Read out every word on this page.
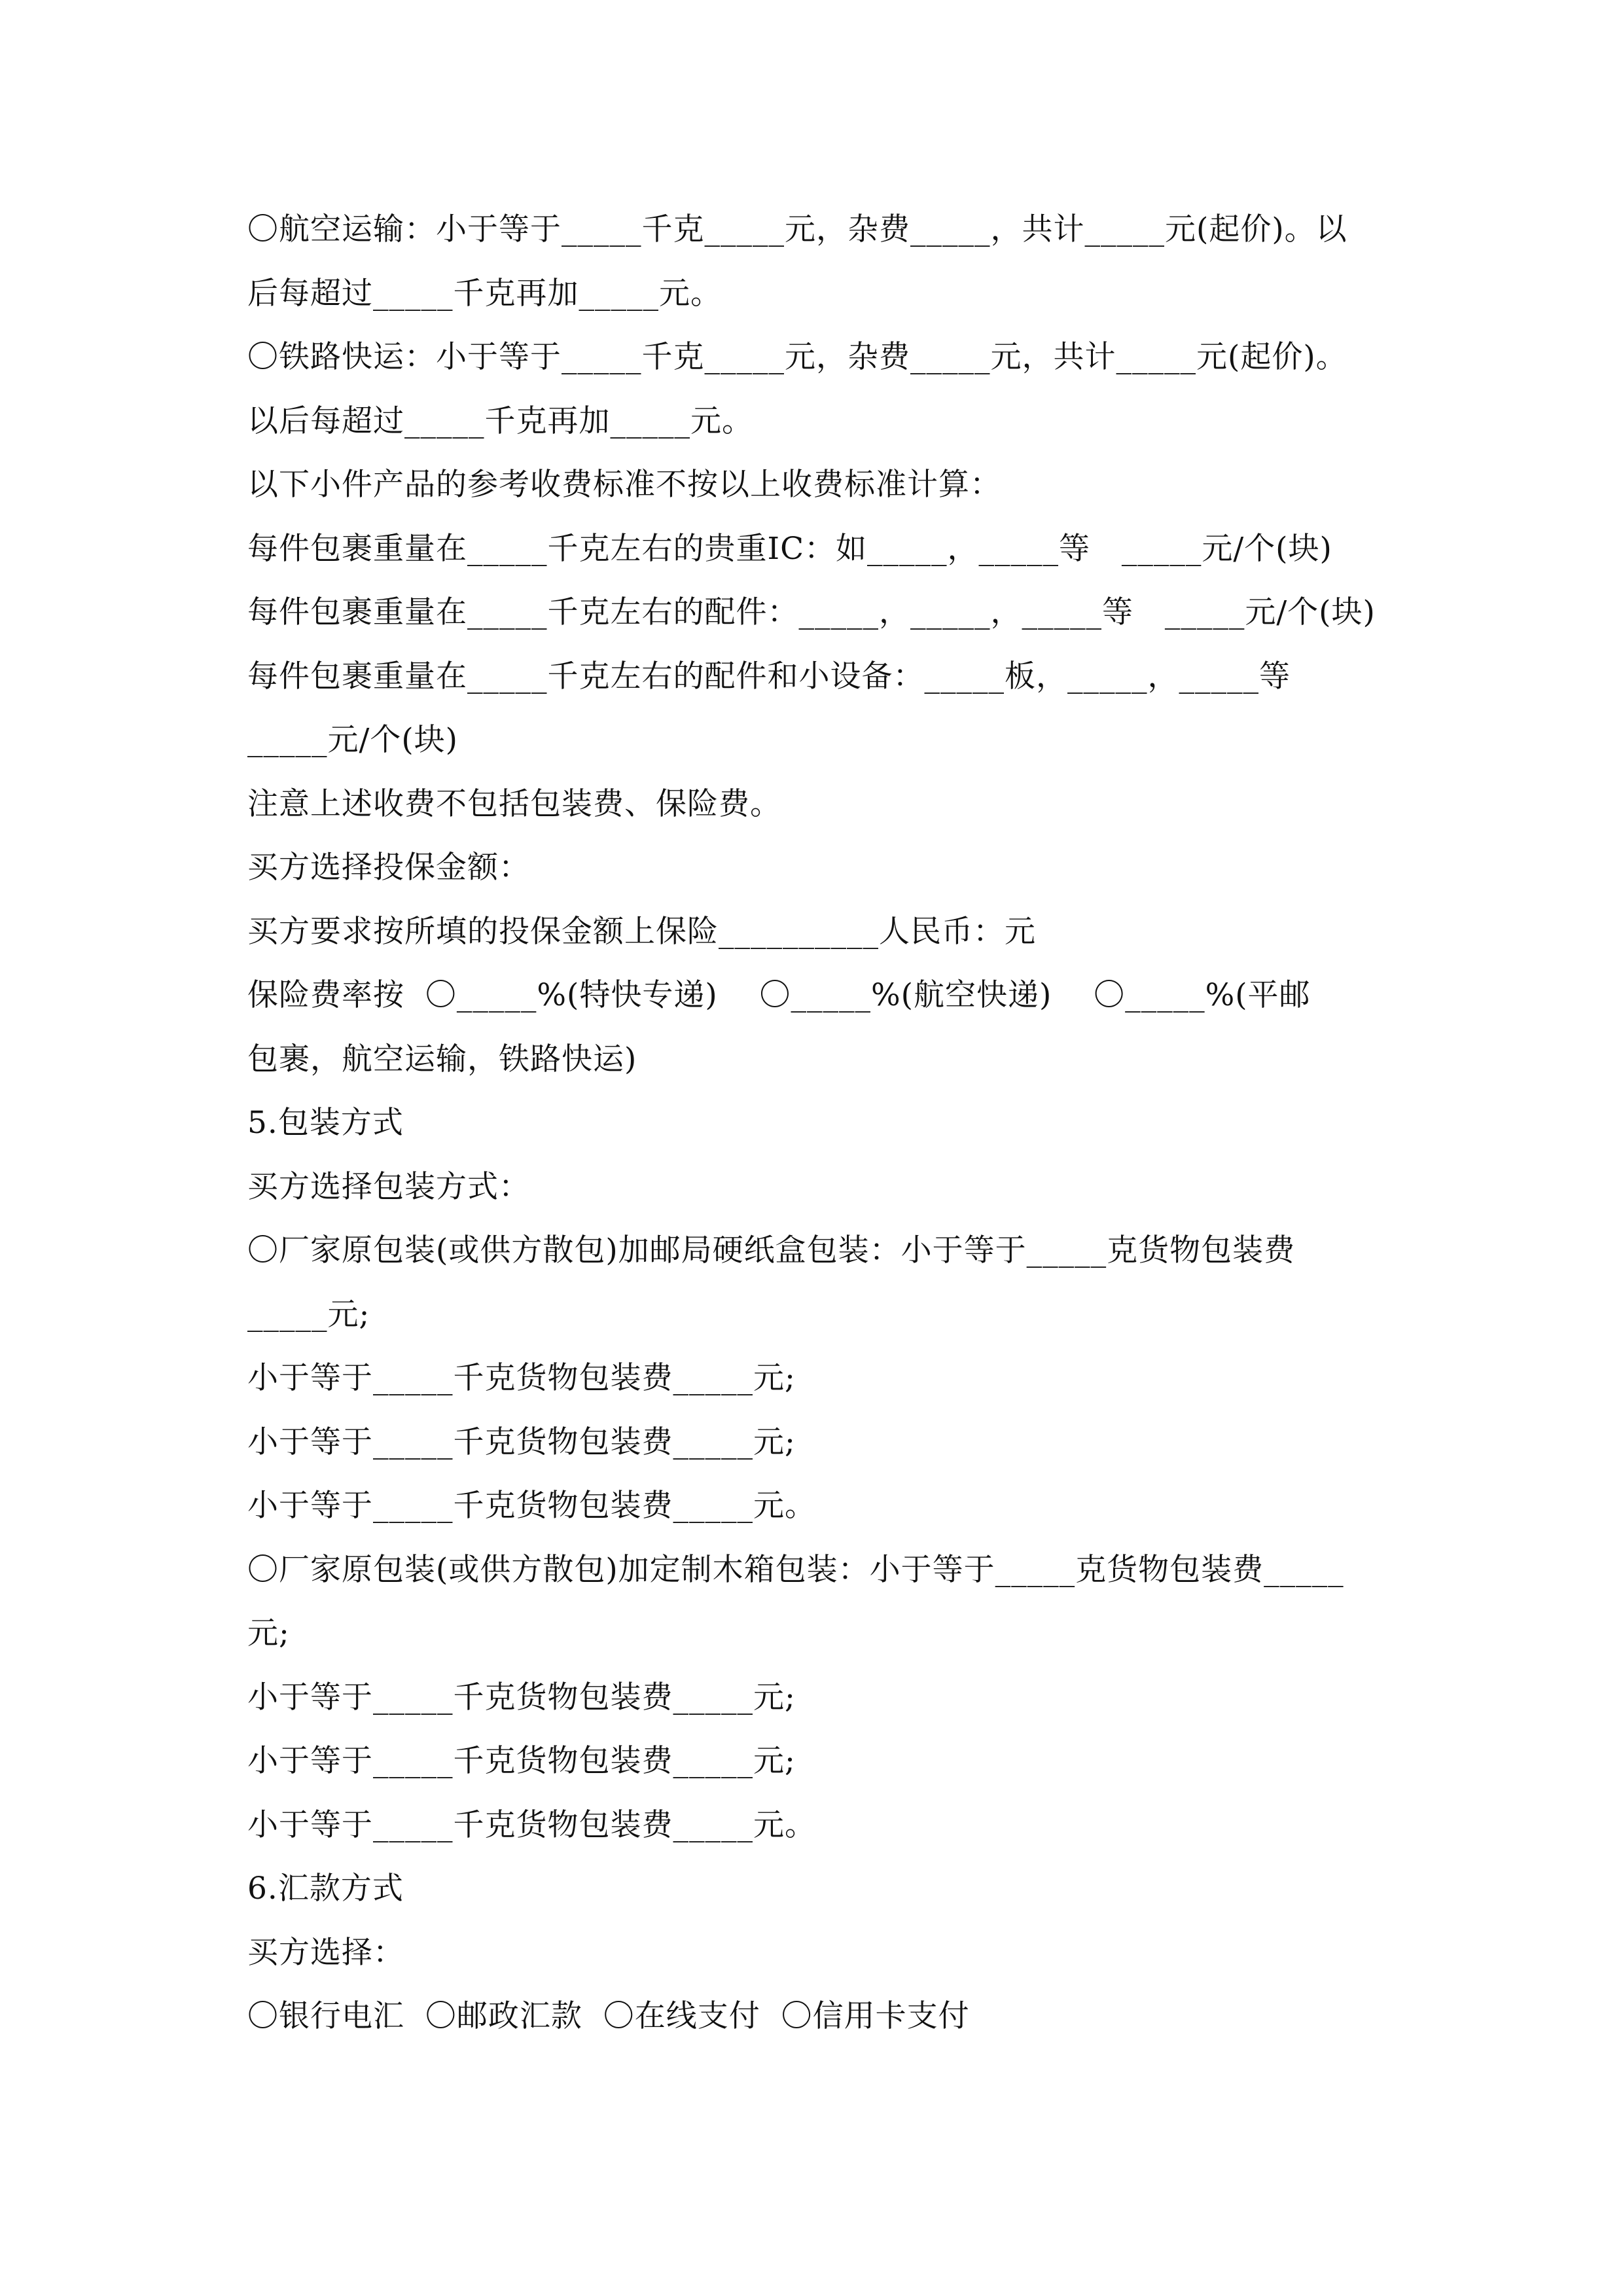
〇航空运输：小于等于_____千克_____元，杂费_____，共计_____元(起价)。以
后每超过_____千克再加_____元。
〇铁路快运：小于等于_____千克_____元，杂费_____元，共计_____元(起价)。
以后每超过_____千克再加_____元。
以下小件产品的参考收费标准不按以上收费标准计算：
每件包裹重量在_____千克左右的贵重IC：如_____，_____等   _____元/个(块)
每件包裹重量在_____千克左右的配件：_____，_____，_____等   _____元/个(块)
每件包裹重量在_____千克左右的配件和小设备：_____板，_____，_____等
_____元/个(块)
注意上述收费不包括包装费、保险费。
买方选择投保金额：
买方要求按所填的投保金额上保险__________人民币：元
保险费率按  〇_____%(特快专递)    〇_____%(航空快递)    〇_____%(平邮
包裹，航空运输，铁路快运)
5.包装方式
买方选择包装方式：
〇厂家原包装(或供方散包)加邮局硬纸盒包装：小于等于_____克货物包装费
_____元;
小于等于_____千克货物包装费_____元;
小于等于_____千克货物包装费_____元;
小于等于_____千克货物包装费_____元。
〇厂家原包装(或供方散包)加定制木箱包装：小于等于_____克货物包装费_____
元;
小于等于_____千克货物包装费_____元;
小于等于_____千克货物包装费_____元;
小于等于_____千克货物包装费_____元。
6.汇款方式
买方选择：
〇银行电汇  〇邮政汇款  〇在线支付  〇信用卡支付
